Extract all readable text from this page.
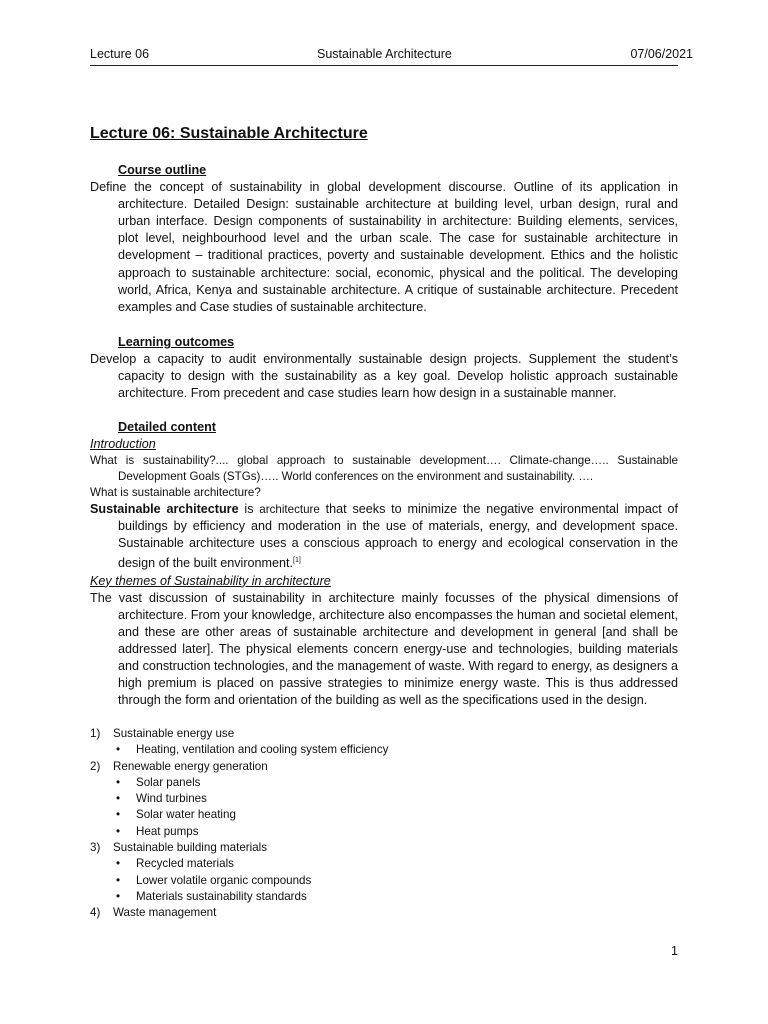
Lecture 06	Sustainable Architecture	07/06/2021
Lecture 06: Sustainable Architecture
Course outline
Define the concept of sustainability in global development discourse. Outline of its application in architecture. Detailed Design: sustainable architecture at building level, urban design, rural and urban interface. Design components of sustainability in architecture: Building elements, services, plot level, neighbourhood level and the urban scale. The case for sustainable architecture in development – traditional practices, poverty and sustainable development. Ethics and the holistic approach to sustainable architecture: social, economic, physical and the political. The developing world, Africa, Kenya and sustainable architecture. A critique of sustainable architecture. Precedent examples and Case studies of sustainable architecture.
Learning outcomes
Develop a capacity to audit environmentally sustainable design projects. Supplement the student’s capacity to design with the sustainability as a key goal. Develop holistic approach sustainable architecture. From precedent and case studies learn how design in a sustainable manner.
Detailed content
Introduction
What is sustainability?.... global approach to sustainable development…. Climate-change….. Sustainable Development Goals (STGs)….. World conferences on the environment and sustainability. ….
What is sustainable architecture?
Sustainable architecture is architecture that seeks to minimize the negative environmental impact of buildings by efficiency and moderation in the use of materials, energy, and development space. Sustainable architecture uses a conscious approach to energy and ecological conservation in the design of the built environment.[1]
Key themes of Sustainability in architecture
The vast discussion of sustainability in architecture mainly focusses of the physical dimensions of architecture. From your knowledge, architecture also encompasses the human and societal element, and these are other areas of sustainable architecture and development in general [and shall be addressed later]. The physical elements concern energy-use and technologies, building materials and construction technologies, and the management of waste. With regard to energy, as designers a high premium is placed on passive strategies to minimize energy waste. This is thus addressed through the form and orientation of the building as well as the specifications used in the design.
1) Sustainable energy use
• Heating, ventilation and cooling system efficiency
2) Renewable energy generation
• Solar panels
• Wind turbines
• Solar water heating
• Heat pumps
3) Sustainable building materials
• Recycled materials
• Lower volatile organic compounds
• Materials sustainability standards
4) Waste management
1
